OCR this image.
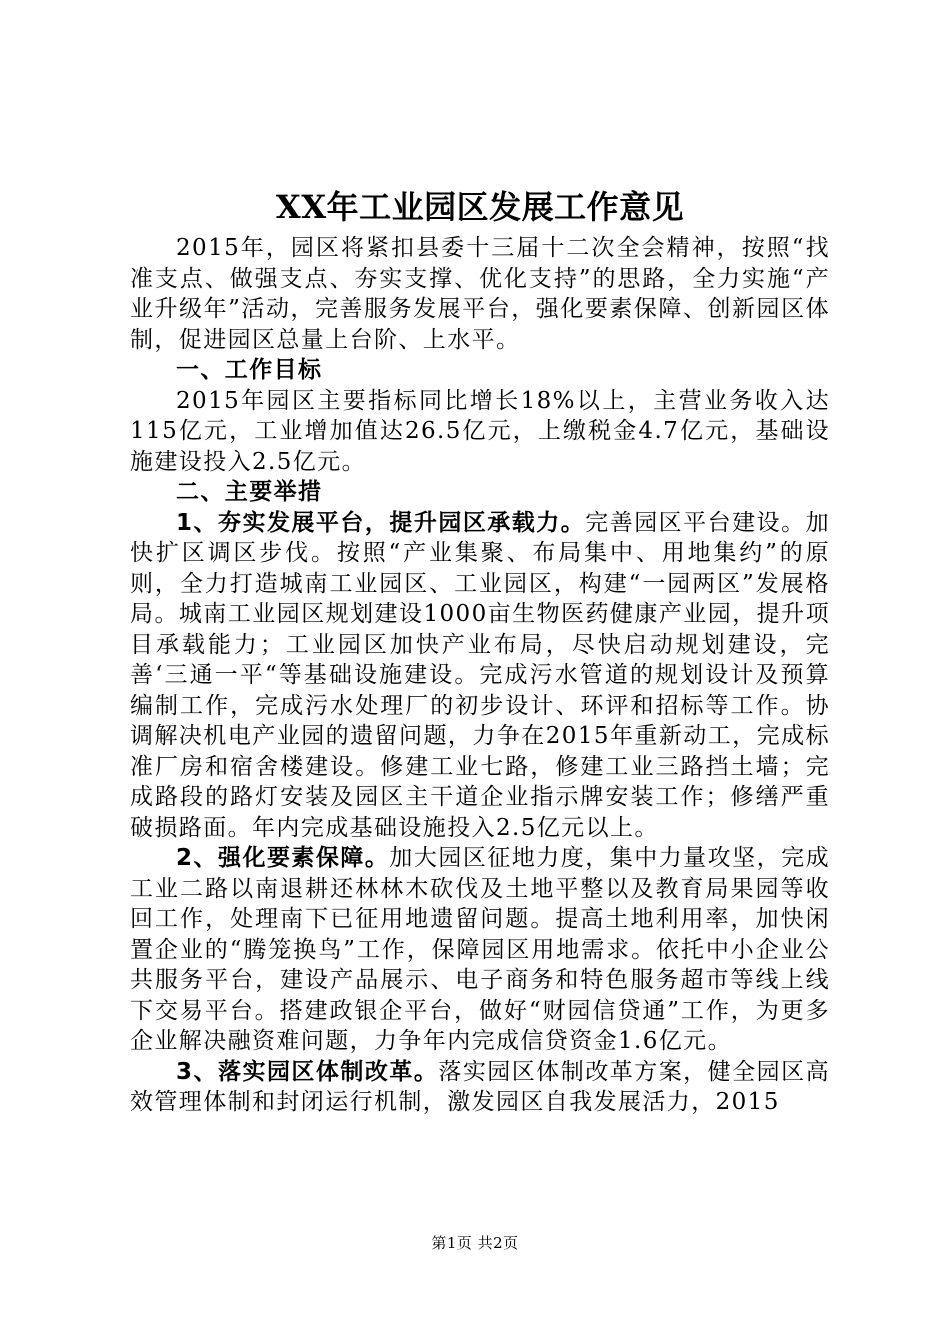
XX年工业园区发展工作意见

2015年，园区将紧扣县委十三届十二次全会精神，按照“找准支点、做强支点、夯实支撑、优化支持”的思路，全力实施“产业升级年”活动，完善服务发展平台，强化要素保障、创新园区体制，促进园区总量上台阶、上水平。

一、工作目标

2015年园区主要指标同比增长18%以上，主营业务收入达115亿元，工业增加值达26.5亿元，上缴税金4.7亿元，基础设施建设投入2.5亿元。

二、主要举措

1、夯实发展平台，提升园区承载力。完善园区平台建设。加快扩区调区步伐。按照“产业集聚、布局集中、用地集约”的原则，全力打造城南工业园区、工业园区，构建“一园两区”发展格局。城南工业园区规划建设1000亩生物医药健康产业园，提升项目承载能力；工业园区加快产业布局，尽快启动规划建设，完善‘三通一平“等基础设施建设。完成污水管道的规划设计及预算编制工作，完成污水处理厂的初步设计、环评和招标等工作。协调解决机电产业园的遗留问题，力争在2015年重新动工，完成标准厂房和宿舍楼建设。修建工业七路，修建工业三路挡土墙；完成路段的路灯安装及园区主干道企业指示牌安装工作；修缮严重破损路面。年内完成基础设施投入2.5亿元以上。

2、强化要素保障。加大园区征地力度，集中力量攻坚，完成工业二路以南退耕还林林木砍伐及土地平整以及教育局果园等收回工作，处理南下已征用地遗留问题。提高土地利用率，加快闲置企业的“腾笼换鸟”工作，保障园区用地需求。依托中小企业公共服务平台，建设产品展示、电子商务和特色服务超市等线上线下交易平台。搭建政银企平台，做好“财园信贷通”工作，为更多企业解决融资难问题，力争年内完成信贷资金1.6亿元。

3、落实园区体制改革。落实园区体制改革方案，健全园区高效管理体制和封闭运行机制，激发园区自我发展活力，2015

第1页 共2页
